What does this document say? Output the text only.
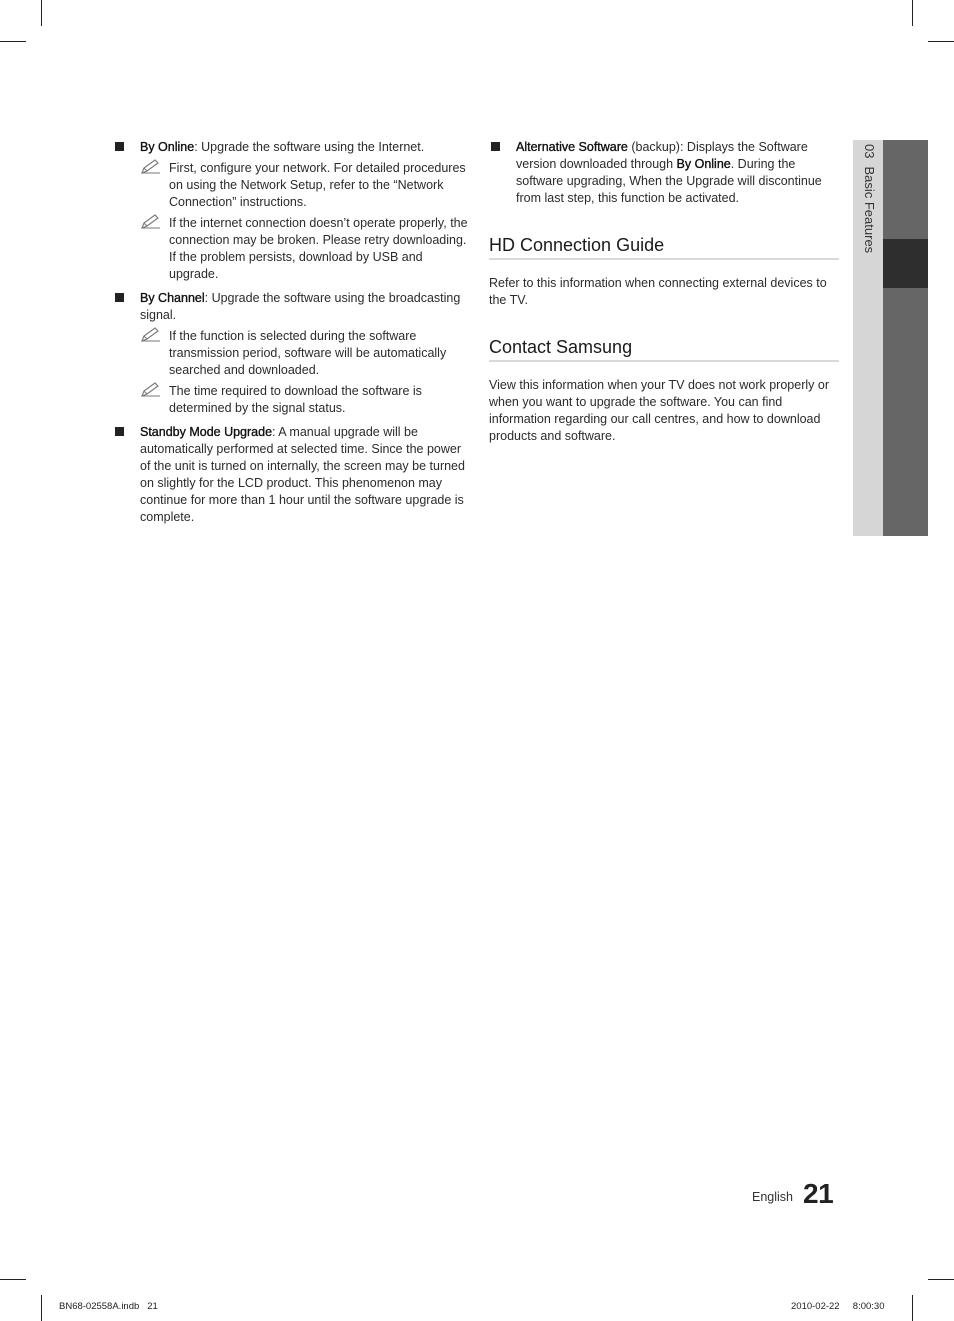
By Online: Upgrade the software using the Internet.
First, configure your network. For detailed procedures on using the Network Setup, refer to the “Network Connection” instructions.
If the internet connection doesn’t operate properly, the connection may be broken. Please retry downloading. If the problem persists, download by USB and upgrade.
By Channel: Upgrade the software using the broadcasting signal.
If the function is selected during the software transmission period, software will be automatically searched and downloaded.
The time required to download the software is determined by the signal status.
Standby Mode Upgrade: A manual upgrade will be automatically performed at selected time. Since the power of the unit is turned on internally, the screen may be turned on slightly for the LCD product. This phenomenon may continue for more than 1 hour until the software upgrade is complete.
Alternative Software (backup): Displays the Software version downloaded through By Online. During the software upgrading, When the Upgrade will discontinue from last step, this function be activated.
HD Connection Guide
Refer to this information when connecting external devices to the TV.
Contact Samsung
View this information when your TV does not work properly or when you want to upgrade the software. You can find information regarding our call centres, and how to download products and software.
03Basic Features
English 21
BN68-02558A.indb   21	2010-02-22     8:00:30
